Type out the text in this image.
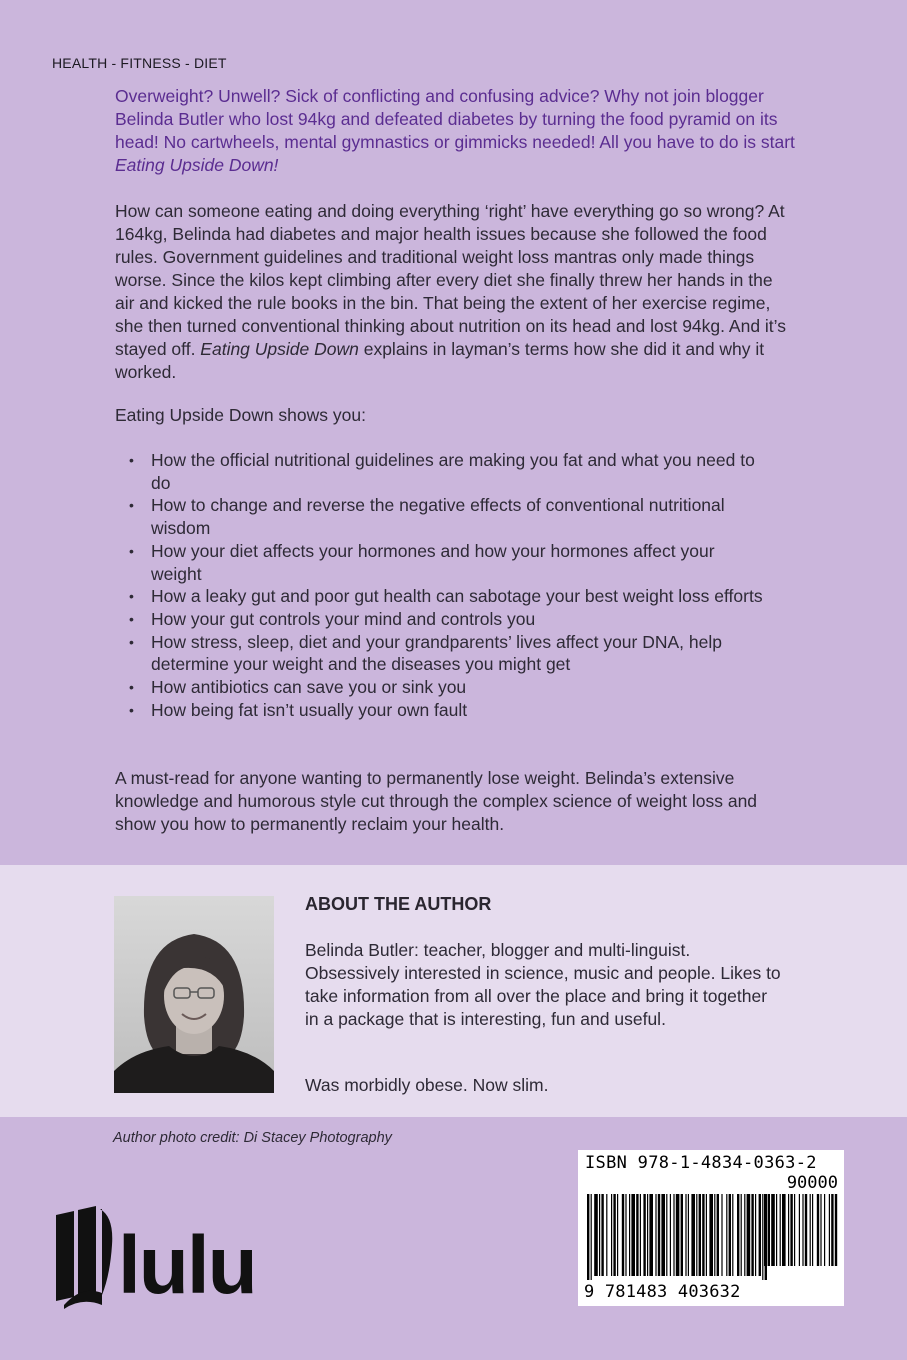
HEALTH - FITNESS - DIET
Overweight? Unwell? Sick of conflicting and confusing advice? Why not join blogger Belinda Butler who lost 94kg and defeated diabetes by turning the food pyramid on its head! No cartwheels, mental gymnastics or gimmicks needed! All you have to do is start Eating Upside Down!
How can someone eating and doing everything ‘right’ have everything go so wrong? At 164kg, Belinda had diabetes and major health issues because she followed the food rules. Government guidelines and traditional weight loss mantras only made things worse. Since the kilos kept climbing after every diet she finally threw her hands in the air and kicked the rule books in the bin. That being the extent of her exercise regime, she then turned conventional thinking about nutrition on its head and lost 94kg. And it’s stayed off. Eating Upside Down explains in layman’s terms how she did it and why it worked.
Eating Upside Down shows you:
• How the official nutritional guidelines are making you fat and what you need to do
• How to change and reverse the negative effects of conventional nutritional wisdom
• How your diet affects your hormones and how your hormones affect your weight
• How a leaky gut and poor gut health can sabotage your best weight loss efforts
• How your gut controls your mind and controls you
• How stress, sleep, diet and your grandparents’ lives affect your DNA, help determine your weight and the diseases you might get
• How antibiotics can save you or sink you
• How being fat isn’t usually your own fault
A must-read for anyone wanting to permanently lose weight. Belinda’s extensive knowledge and humorous style cut through the complex science of weight loss and show you how to permanently reclaim your health.
ABOUT THE AUTHOR
Belinda Butler: teacher, blogger and multi-linguist. Obsessively interested in science, music and people. Likes to take information from all over the place and bring it together in a package that is interesting, fun and useful.
Was morbidly obese. Now slim.
Author photo credit: Di Stacey Photography
lulu
ISBN 978-1-4834-0363-2
90000
9 781483 403632
